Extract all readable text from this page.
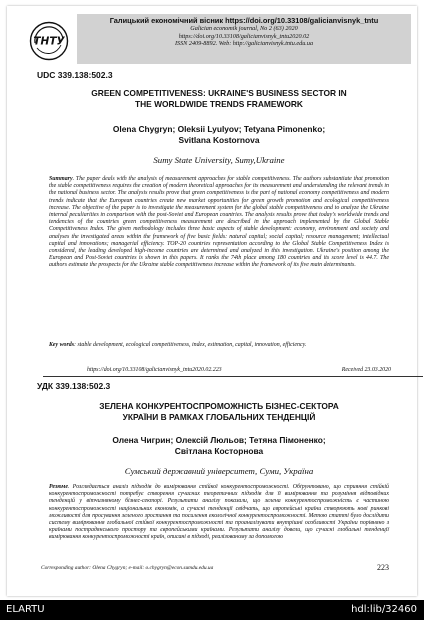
ТНТУ
Галицький економічний вісник https://doi.org/10.33108/galicianvisnyk_tntu
Galician economik journal, No 2 (63) 2020
https://doi.org/10.33108/galicianvisnyk_tntu2020.02
ISSN 2409-8892. Web: http://galicianvisnyk.tntu.edu.ua
UDC 339.138:502.3
GREEN COMPETITIVENESS: UKRAINE'S BUSINESS SECTOR IN
THE WORLDWIDE TRENDS FRAMEWORK
Olena Chygryn; Oleksii Lyulyov; Tetyana Pimonenko;
Svitlana Kostornova
Sumy State University, Sumy,Ukraine
Summary. The paper deals with the analysis of measurement approaches for stable competitiveness. The authors substantiate that promotion the stable competitiveness requires the creation of modern theoretical approaches for its measurement and understanding the relevant trends in the national business sector. The analysis results prove that green competitiveness is the part of national economy competitiveness and modern trends indicate that the European countries create new market opportunities for green growth promotion and ecological competitiveness increase. The objective of the paper is to investigate the measurement system for the global stable competitiveness and to analyze the Ukraine internal peculiarities in comparison with the post-Soviet and European countries. The analysis results prove that today's worldwide trends and tendencies of the countries green competitiveness measurement are described in the approach implemented by the Global Stable Competitiveness Index. The given methodology includes three basic aspects of stable development: economy, environment and society and analyses the investigated areas within the framework of five basic fields: natural capital; social capital; resource management; intellectual capital and innovations; managerial efficiency. TOP-20 countries representation according to the Global Stable Competitiveness Index is considered, the leading developed high-income countries are determined and analyzed in this investigation. Ukraine's position among the European and Post-Soviet countries is shown in this papers. It ranks the 74th place among 180 countries and its score level is 44.7. The authors estimate the prospects for the Ukraine stable competitiveness increase within the framework of its five main determinants.
Key words: stable development, ecological competitiveness, index, estimation, capital, innovation, efficiency.
https://doi.org/10.33108/galicianvisnyk_tntu2020.02.223	Received 23.03.2020
УДК 339.138:502.3
ЗЕЛЕНА КОНКУРЕНТОСПРОМОЖНІСТЬ БІЗНЕС-СЕКТОРА
УКРАЇНИ В РАМКАХ ГЛОБАЛЬНИХ ТЕНДЕНЦІЙ
Олена Чигрин; Олексій Люльов; Тетяна Пімоненко;
Світлана Косторнова
Сумський державний університет, Суми, Україна
Резюме. Розглядається аналіз підходів до вимірювання стійкої конкурентоспроможності. Обґрунтовано, що сприяння стійкій конкурентоспроможності потребує створення сучасних теоретичних підходів для її вимірювання та розуміння відповідних тенденцій у вітчизняному бізнес-секторі. Результати аналізу показали, що зелена конкурентоспроможність є частиною конкурентоспроможності національних економік, а сучасні тенденції свідчать, що європейські країни створюють нові ринкові можливості для просування зеленого зростання та посилення екологічної конкурентоспроможності. Метою статті було дослідити систему вимірювання глобальної стійкої конкурентоспроможності та проаналізувати внутрішні особливості України порівняно з країнами пострадянського простору та європейськими країнами. Результати аналізу довели, що сучасні глобальні тенденції вимірювання конкурентоспроможності країн, описані в підході, реалізованому за допомогою
Corresponding author: Olena Chygryn; e-mail: o.chygryn@econ.sumdu.edu.ua	223
ELARTU	hdl:lib/32460
